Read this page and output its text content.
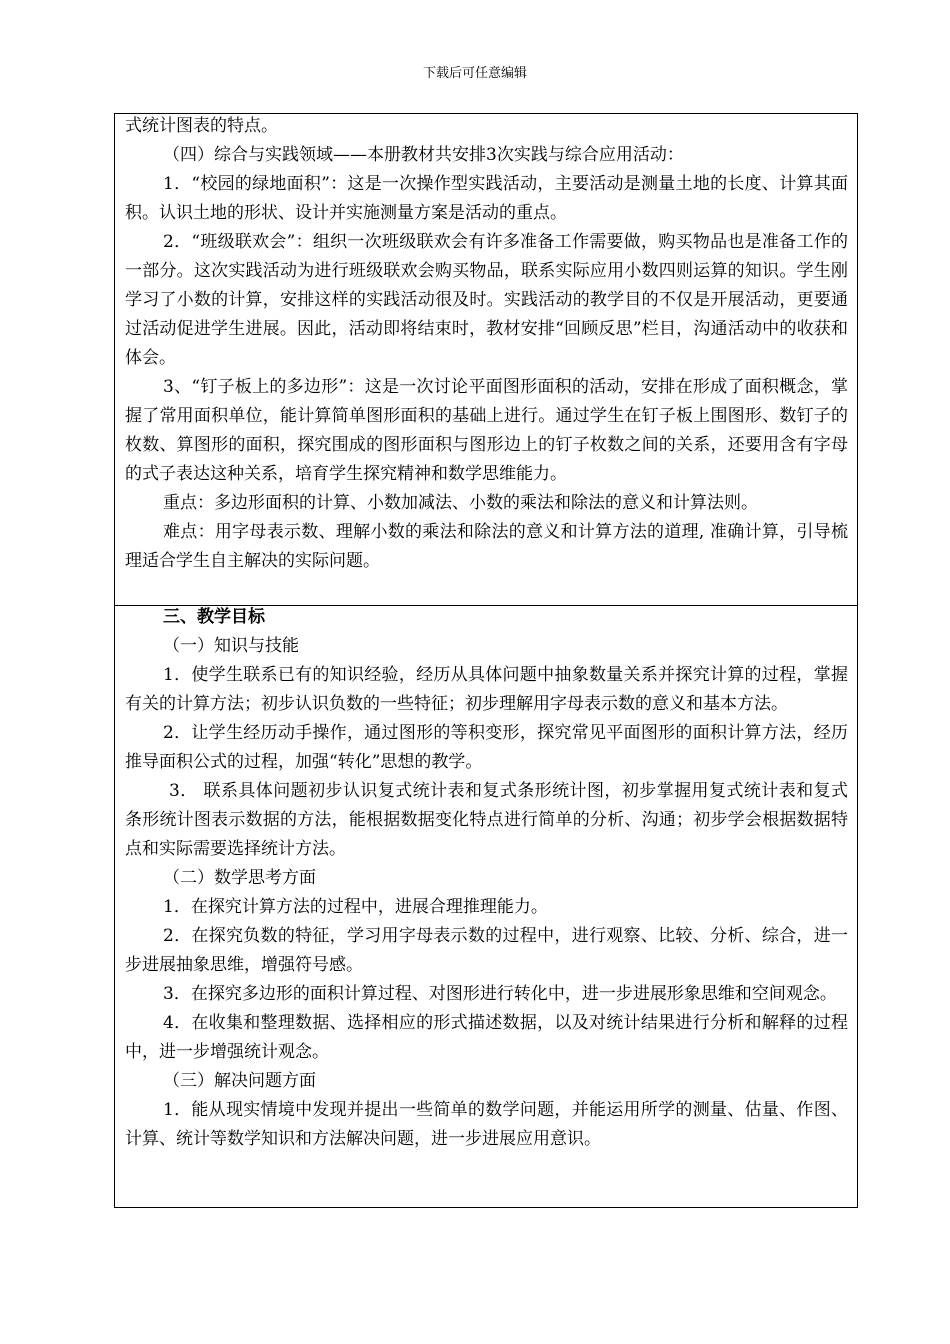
下载后可任意编辑

式统计图表的特点。

（四）综合与实践领域——本册教材共安排3次实践与综合应用活动：

1．“校园的绿地面积”：这是一次操作型实践活动，主要活动是测量土地的长度、计算其面积。认识土地的形状、设计并实施测量方案是活动的重点。

2．“班级联欢会”：组织一次班级联欢会有许多准备工作需要做，购买物品也是准备工作的一部分。这次实践活动为进行班级联欢会购买物品，联系实际应用小数四则运算的知识。学生刚学习了小数的计算，安排这样的实践活动很及时。实践活动的教学目的不仅是开展活动，更要通过活动促进学生进展。因此，活动即将结束时，教材安排“回顾反思”栏目，沟通活动中的收获和体会。

3、“钉子板上的多边形”：这是一次讨论平面图形面积的活动，安排在形成了面积概念，掌握了常用面积单位，能计算简单图形面积的基础上进行。通过学生在钉子板上围图形、数钉子的枚数、算图形的面积，探究围成的图形面积与图形边上的钉子枚数之间的关系，还要用含有字母的式子表达这种关系，培育学生探究精神和数学思维能力。

重点：多边形面积的计算、小数加减法、小数的乘法和除法的意义和计算法则。

难点：用字母表示数、理解小数的乘法和除法的意义和计算方法的道理, 准确计算，引导梳理适合学生自主解决的实际问题。

三、教学目标

（一）知识与技能

1．使学生联系已有的知识经验，经历从具体问题中抽象数量关系并探究计算的过程，掌握有关的计算方法；初步认识负数的一些特征；初步理解用字母表示数的意义和基本方法。

2．让学生经历动手操作，通过图形的等积变形，探究常见平面图形的面积计算方法，经历推导面积公式的过程，加强“转化”思想的教学。

3． 联系具体问题初步认识复式统计表和复式条形统计图，初步掌握用复式统计表和复式条形统计图表示数据的方法，能根据数据变化特点进行简单的分析、沟通；初步学会根据数据特点和实际需要选择统计方法。

（二）数学思考方面

1．在探究计算方法的过程中，进展合理推理能力。

2．在探究负数的特征，学习用字母表示数的过程中，进行观察、比较、分析、综合，进一步进展抽象思维，增强符号感。

3．在探究多边形的面积计算过程、对图形进行转化中，进一步进展形象思维和空间观念。

4．在收集和整理数据、选择相应的形式描述数据，以及对统计结果进行分析和解释的过程中，进一步增强统计观念。

（三）解决问题方面

1．能从现实情境中发现并提出一些简单的数学问题，并能运用所学的测量、估量、作图、计算、统计等数学知识和方法解决问题，进一步进展应用意识。
